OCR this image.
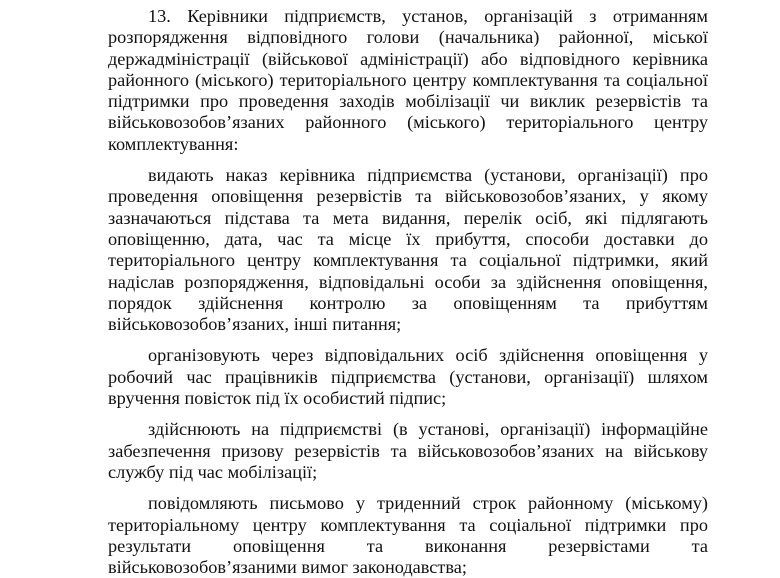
13. Керівники підприємств, установ, організацій з отриманням розпорядження відповідного голови (начальника) районної, міської держадміністрації (військової адміністрації) або відповідного керівника районного (міського) територіального центру комплектування та соціальної підтримки про проведення заходів мобілізації чи виклик резервістів та військовозобов’язаних районного (міського) територіального центру комплектування:

видають наказ керівника підприємства (установи, організації) про проведення оповіщення резервістів та військовозобов’язаних, у якому зазначаються підстава та мета видання, перелік осіб, які підлягають оповіщенню, дата, час та місце їх прибуття, способи доставки до територіального центру комплектування та соціальної підтримки, який надіслав розпорядження, відповідальні особи за здійснення оповіщення, порядок здійснення контролю за оповіщенням та прибуттям військовозобов’язаних, інші питання;

організовують через відповідальних осіб здійснення оповіщення у робочий час працівників підприємства (установи, організації) шляхом вручення повісток під їх особистий підпис;

здійснюють на підприємстві (в установі, організації) інформаційне забезпечення призову резервістів та військовозобов’язаних на військову службу під час мобілізації;

повідомляють письмово у триденний строк районному (міському) територіальному центру комплектування та соціальної підтримки про результати оповіщення та виконання резервістами та військовозобов’язаними вимог законодавства;
